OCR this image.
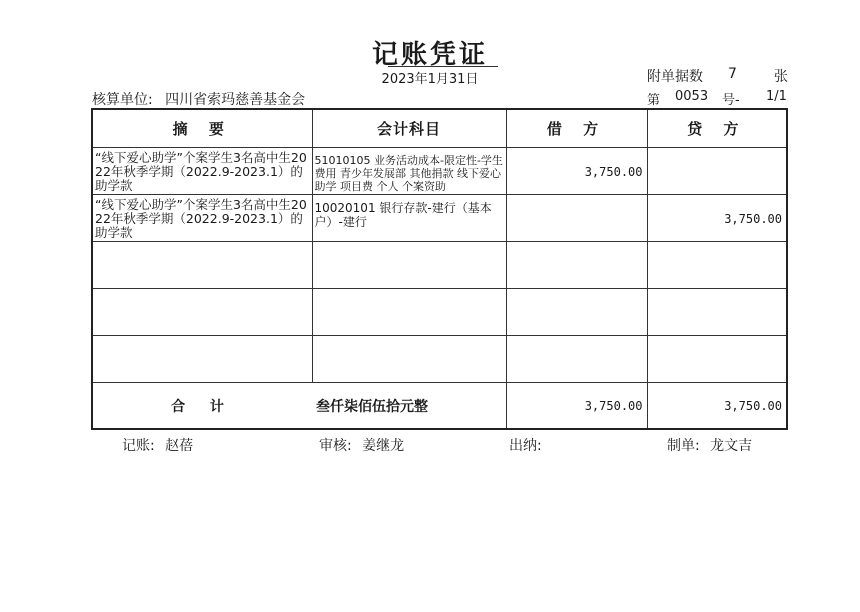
记账凭证
2023年1月31日	附单据数 7	张
核算单位: 四川省索玛慈善基金会	第 0053 号- 1/1
摘 要	会计科目	借 方	贷 方

“线下爱心助学”个案学生3名高中生2022年秋季学期（2022.9-2023.1）的助学款	51010105 业务活动成本-限定性-学生费用 青少年发展部 其他捐款 线下爱心助学 项目费 个人 个案资助	3,750.00	

“线下爱心助学”个案学生3名高中生2022年秋季学期（2022.9-2023.1）的助学款	10020101 银行存款-建行（基本户）-建行		3,750.00

合 计	叁仟柒佰伍拾元整	3,750.00	3,750.00
记账: 赵蓓	审核: 姜继龙	出纳:	制单: 龙文吉
